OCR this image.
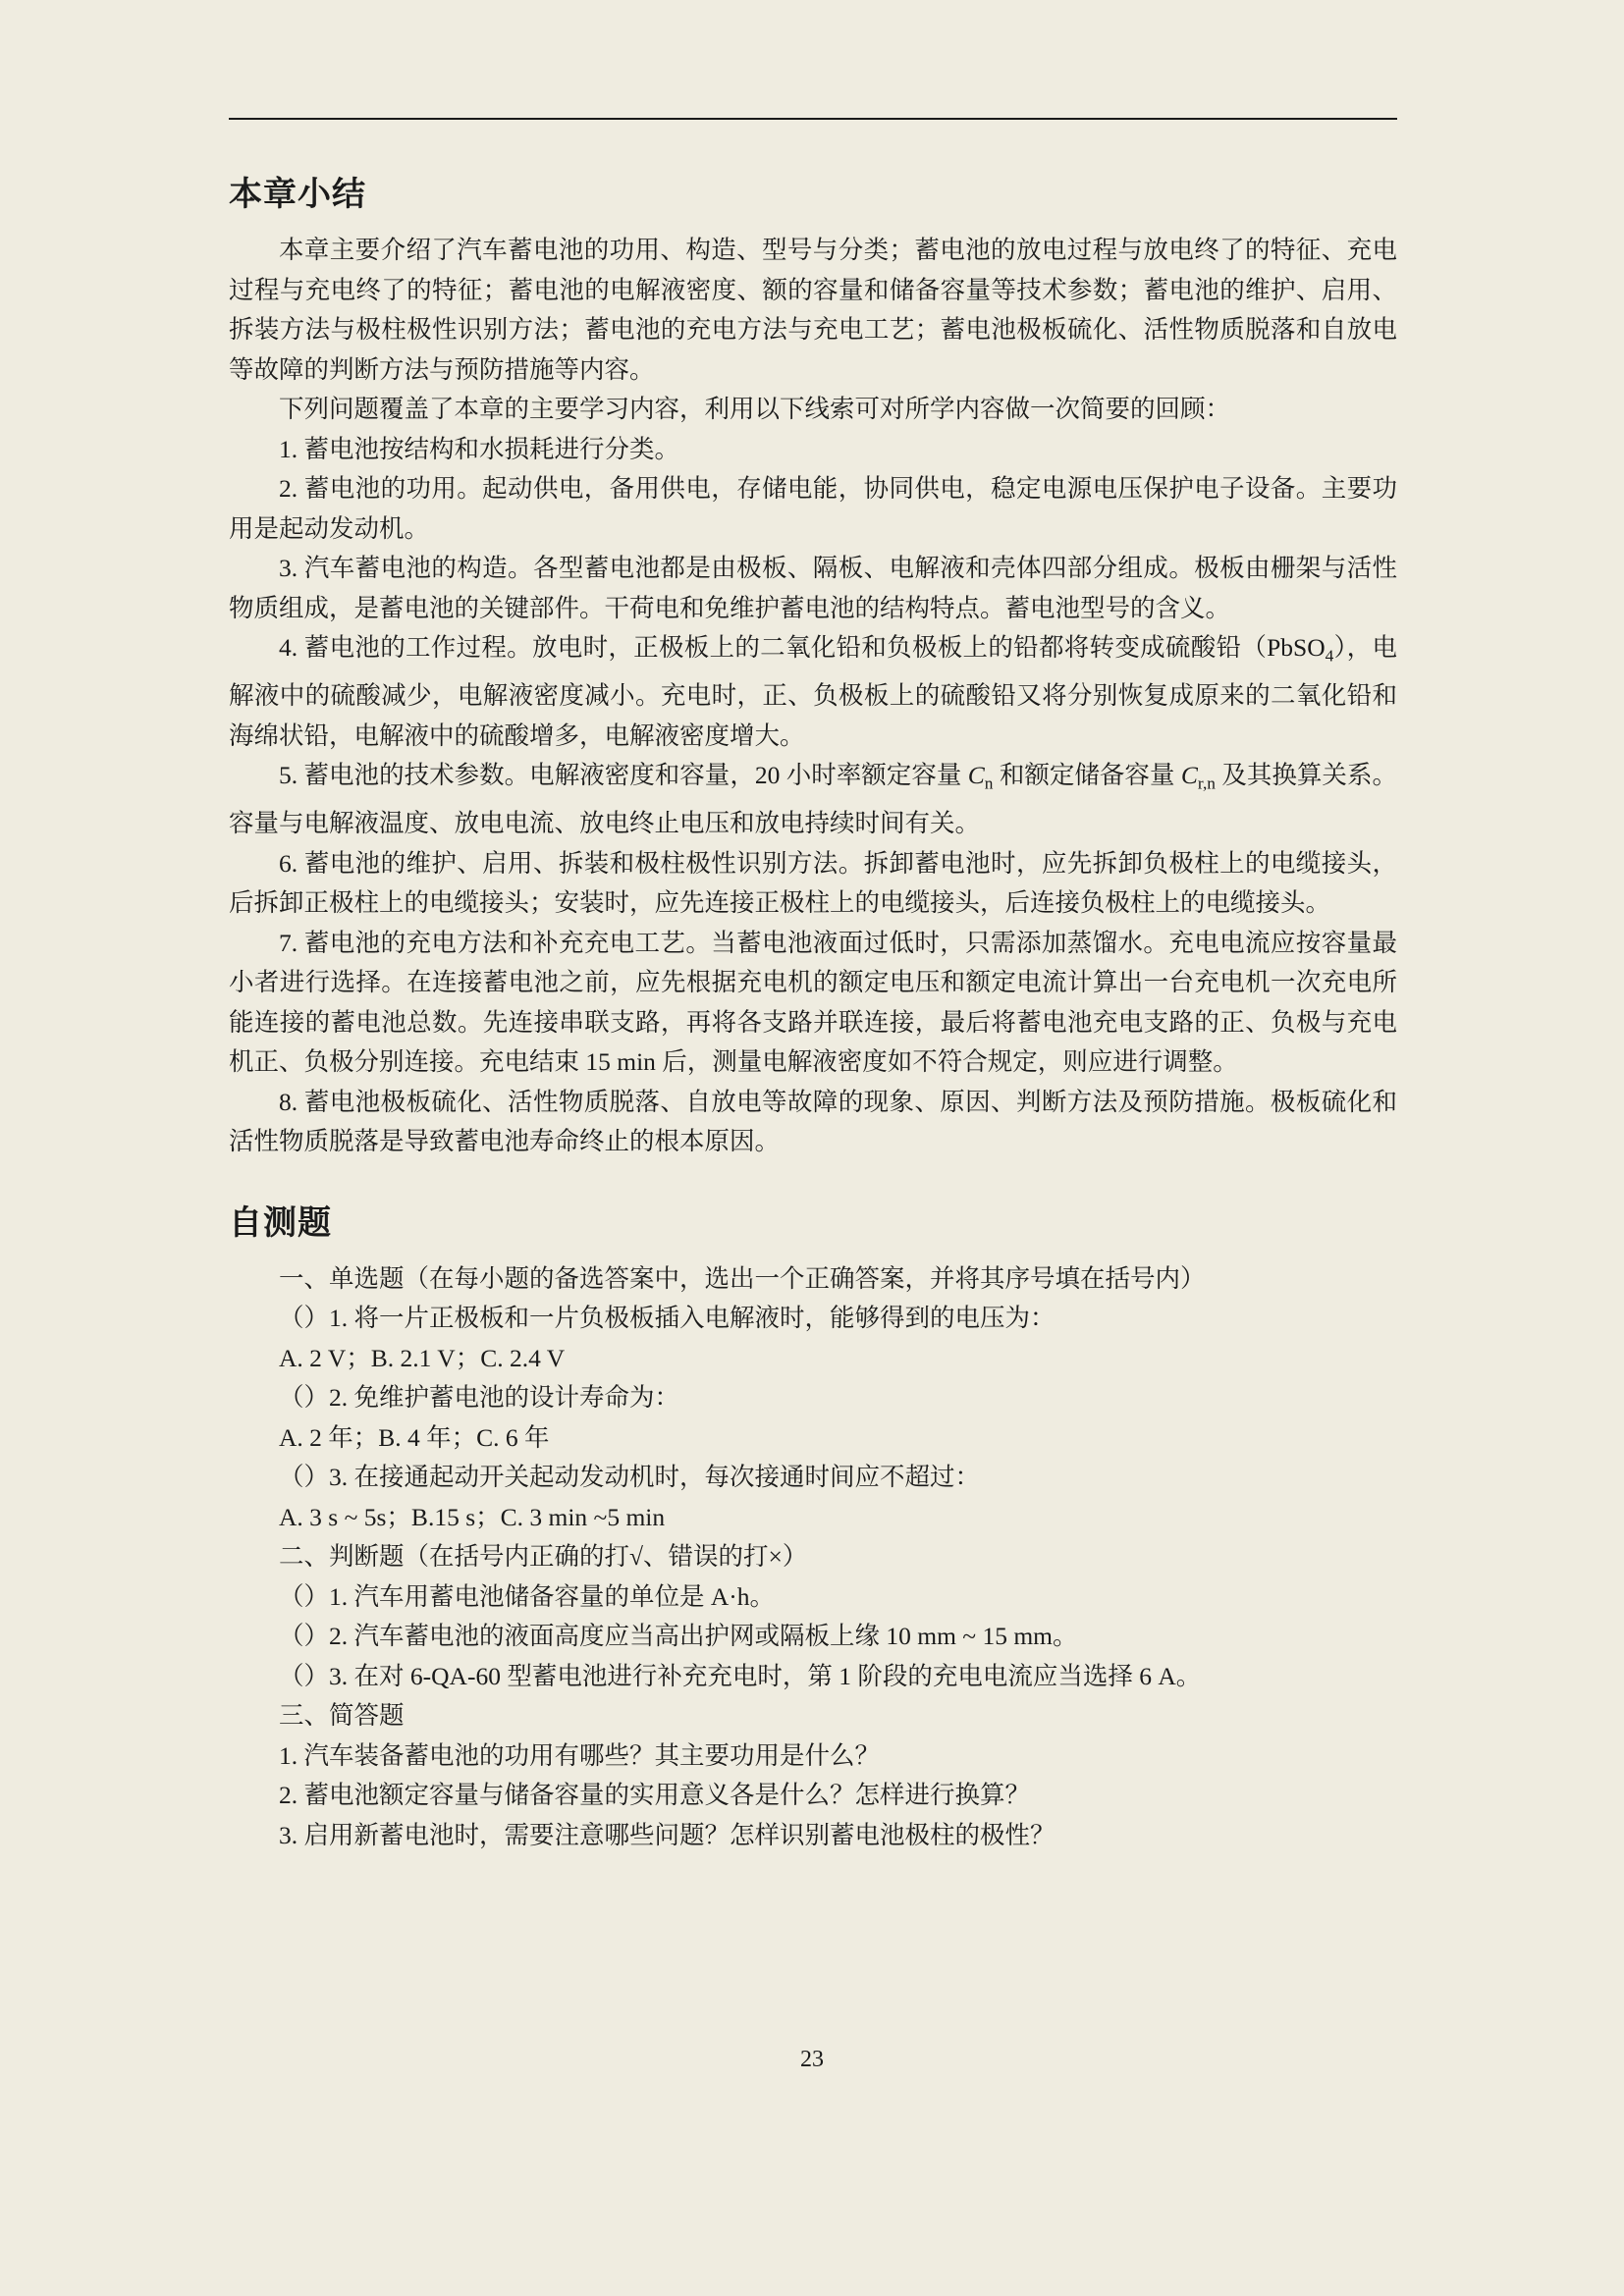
本章小结

本章主要介绍了汽车蓄电池的功用、构造、型号与分类；蓄电池的放电过程与放电终了的特征、充电过程与充电终了的特征；蓄电池的电解液密度、额的容量和储备容量等技术参数；蓄电池的维护、启用、拆装方法与极柱极性识别方法；蓄电池的充电方法与充电工艺；蓄电池极板硫化、活性物质脱落和自放电等故障的判断方法与预防措施等内容。

下列问题覆盖了本章的主要学习内容，利用以下线索可对所学内容做一次简要的回顾：

1. 蓄电池按结构和水损耗进行分类。

2. 蓄电池的功用。起动供电，备用供电，存储电能，协同供电，稳定电源电压保护电子设备。主要功用是起动发动机。

3. 汽车蓄电池的构造。各型蓄电池都是由极板、隔板、电解液和壳体四部分组成。极板由栅架与活性物质组成，是蓄电池的关键部件。干荷电和免维护蓄电池的结构特点。蓄电池型号的含义。

4. 蓄电池的工作过程。放电时，正极板上的二氧化铅和负极板上的铅都将转变成硫酸铅（PbSO$_4$），电解液中的硫酸减少，电解液密度减小。充电时，正、负极板上的硫酸铅又将分别恢复成原来的二氧化铅和海绵状铅，电解液中的硫酸增多，电解液密度增大。

5. 蓄电池的技术参数。电解液密度和容量，20 小时率额定容量 $C_n$ 和额定储备容量 $C_{r,n}$ 及其换算关系。容量与电解液温度、放电电流、放电终止电压和放电持续时间有关。

6. 蓄电池的维护、启用、拆装和极柱极性识别方法。拆卸蓄电池时，应先拆卸负极柱上的电缆接头，后拆卸正极柱上的电缆接头；安装时，应先连接正极柱上的电缆接头，后连接负极柱上的电缆接头。

7. 蓄电池的充电方法和补充充电工艺。当蓄电池液面过低时，只需添加蒸馏水。充电电流应按容量最小者进行选择。在连接蓄电池之前，应先根据充电机的额定电压和额定电流计算出一台充电机一次充电所能连接的蓄电池总数。先连接串联支路，再将各支路并联连接，最后将蓄电池充电支路的正、负极与充电机正、负极分别连接。充电结束 15 min 后，测量电解液密度如不符合规定，则应进行调整。

8. 蓄电池极板硫化、活性物质脱落、自放电等故障的现象、原因、判断方法及预防措施。极板硫化和活性物质脱落是导致蓄电池寿命终止的根本原因。

自测题

一、单选题（在每小题的备选答案中，选出一个正确答案，并将其序号填在括号内）

（）1. 将一片正极板和一片负极板插入电解液时，能够得到的电压为：

A. 2 V；B. 2.1 V；C. 2.4 V

（）2. 免维护蓄电池的设计寿命为：

A. 2 年；B. 4 年；C. 6 年

（）3. 在接通起动开关起动发动机时，每次接通时间应不超过：

A. 3 s ~ 5s；B.15 s；C. 3 min ~5 min

二、判断题（在括号内正确的打√、错误的打×）

（）1. 汽车用蓄电池储备容量的单位是 A·h。

（）2. 汽车蓄电池的液面高度应当高出护网或隔板上缘 10 mm ~ 15 mm。

（）3. 在对 6-QA-60 型蓄电池进行补充充电时，第 1 阶段的充电电流应当选择 6 A。

三、简答题

1. 汽车装备蓄电池的功用有哪些？其主要功用是什么？

2. 蓄电池额定容量与储备容量的实用意义各是什么？怎样进行换算？

3. 启用新蓄电池时，需要注意哪些问题？怎样识别蓄电池极柱的极性？

23
